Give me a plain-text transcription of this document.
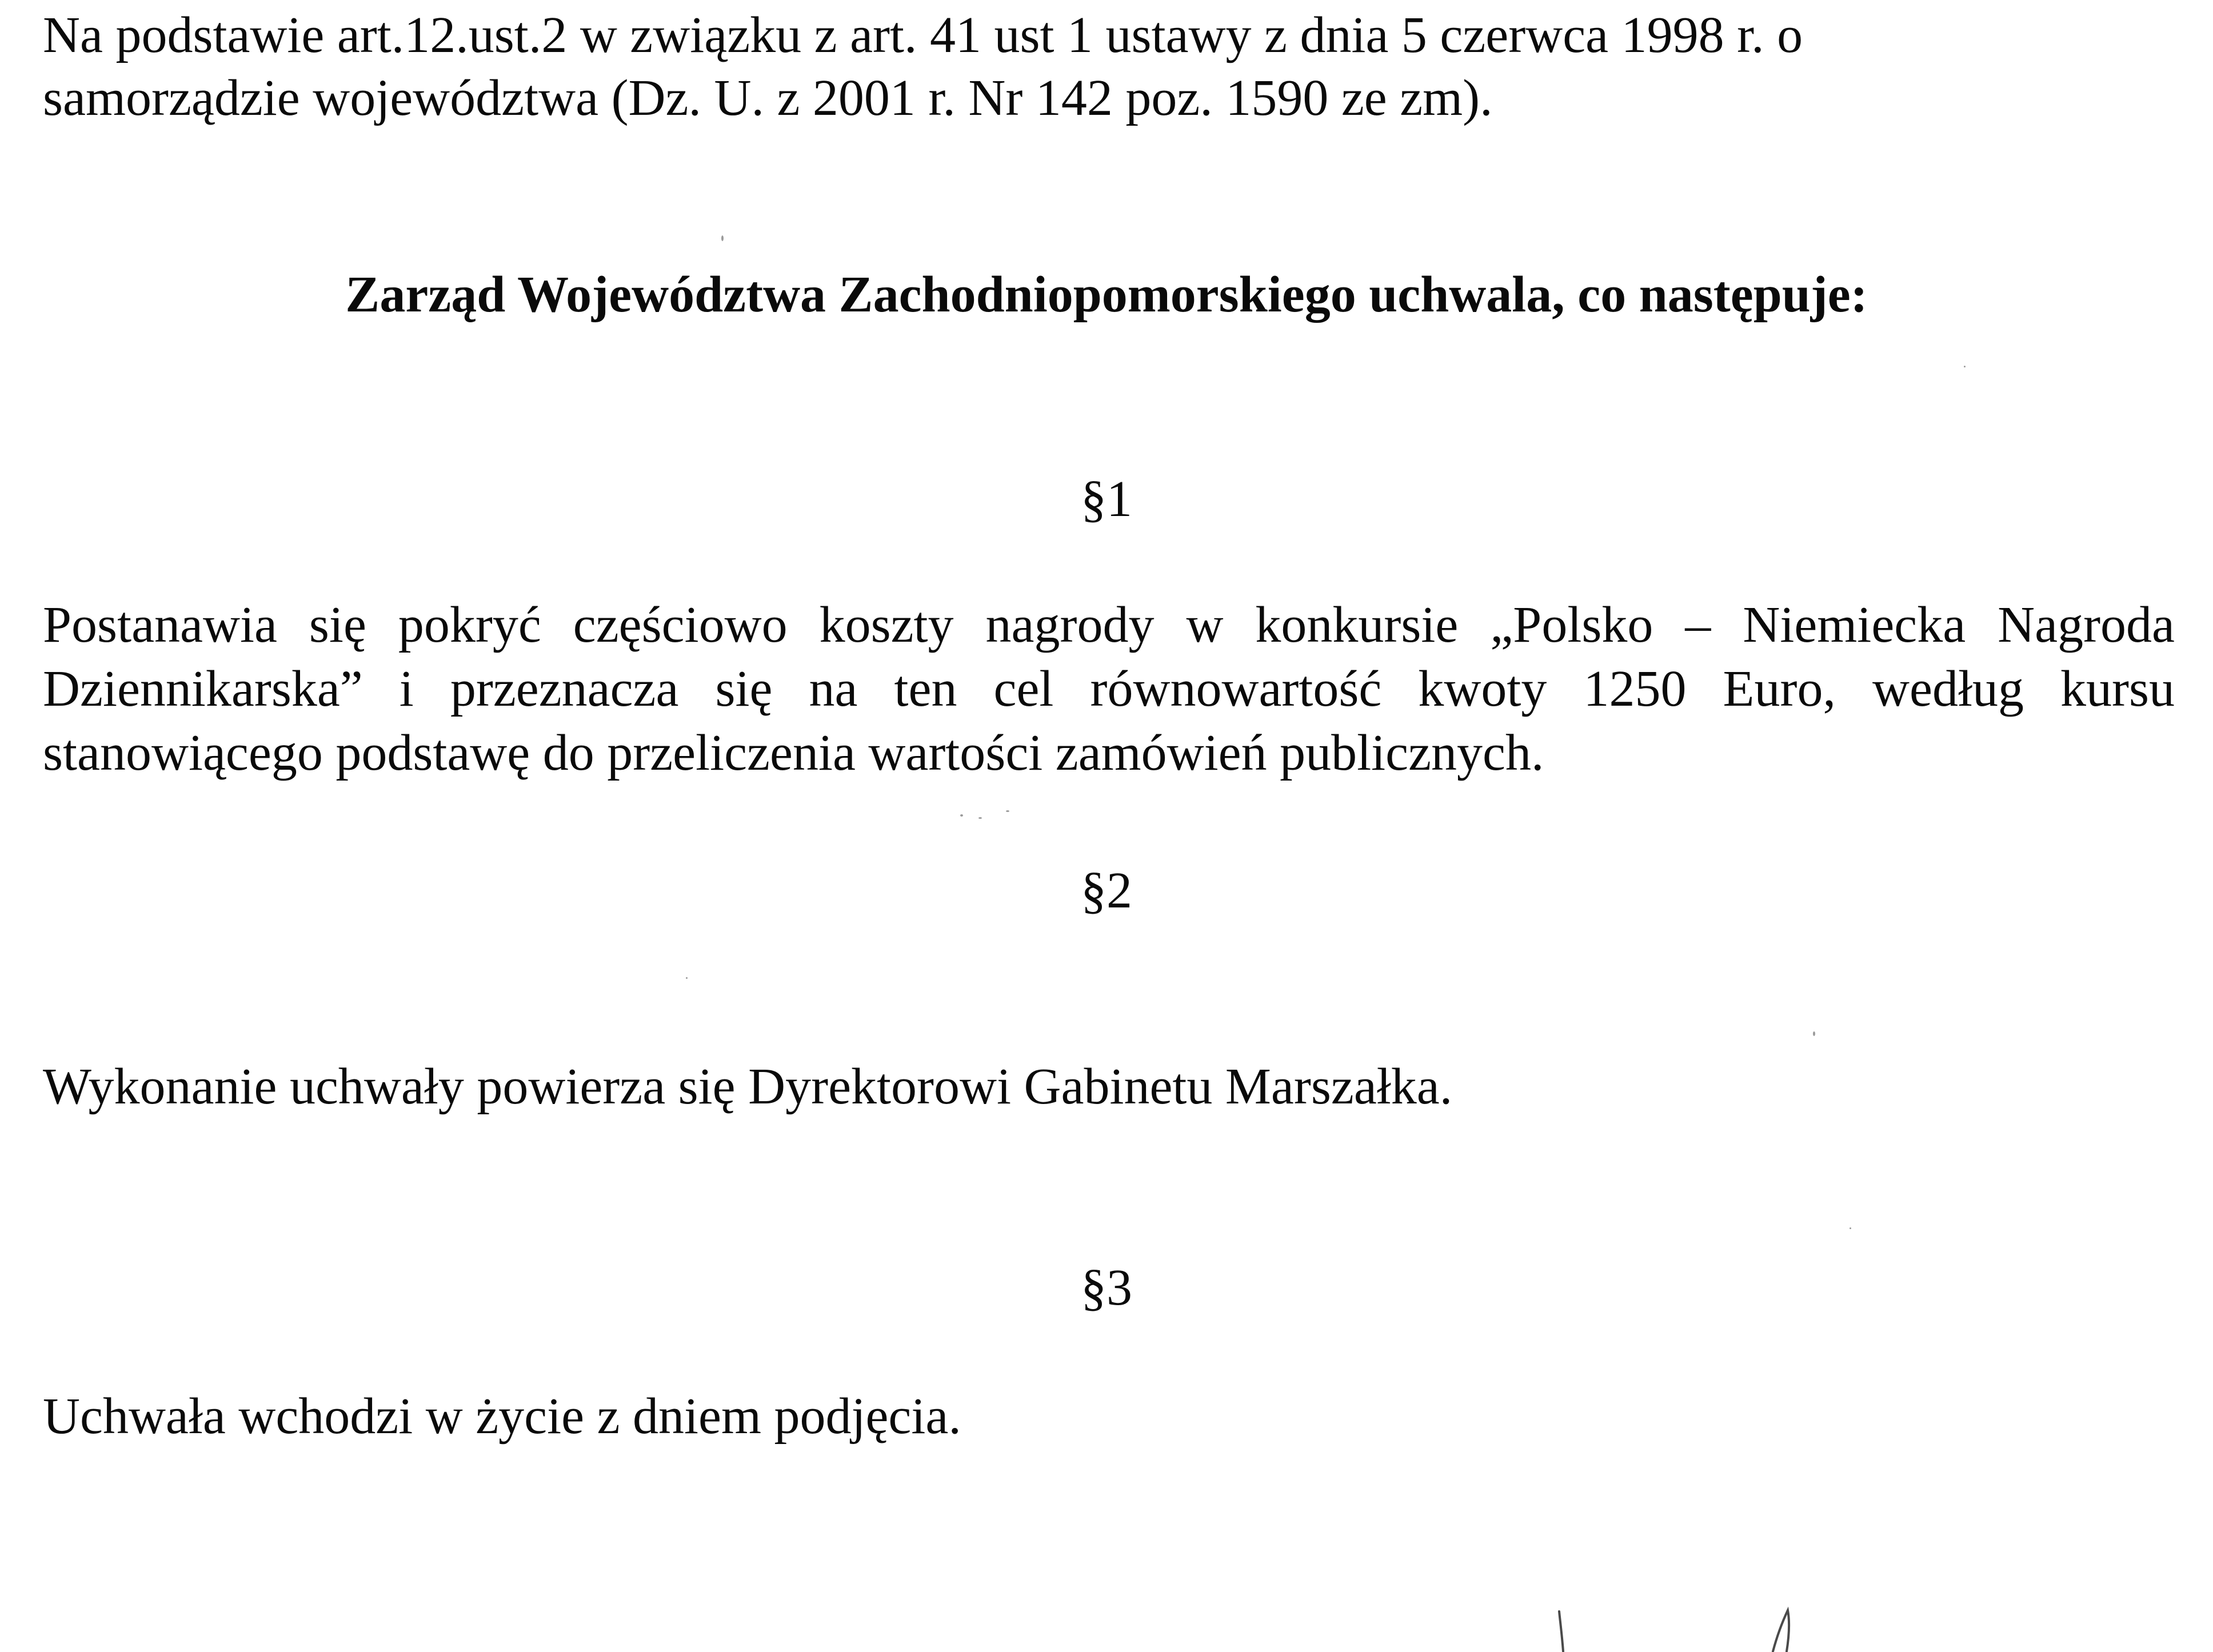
Na podstawie art.12.ust.2 w związku z art. 41 ust 1 ustawy z dnia 5 czerwca 1998 r. o
samorządzie województwa (Dz. U. z 2001 r. Nr 142 poz. 1590 ze zm).
Zarząd Województwa Zachodniopomorskiego uchwala, co następuje:
§1
Postanawia się pokryć częściowo koszty nagrody w konkursie „Polsko – Niemiecka Nagroda
Dziennikarska” i przeznacza się na ten cel równowartość kwoty 1250 Euro, według kursu
stanowiącego podstawę do przeliczenia wartości zamówień publicznych.
§2
Wykonanie uchwały powierza się Dyrektorowi Gabinetu Marszałka.
§3
Uchwała wchodzi w życie z dniem podjęcia.
